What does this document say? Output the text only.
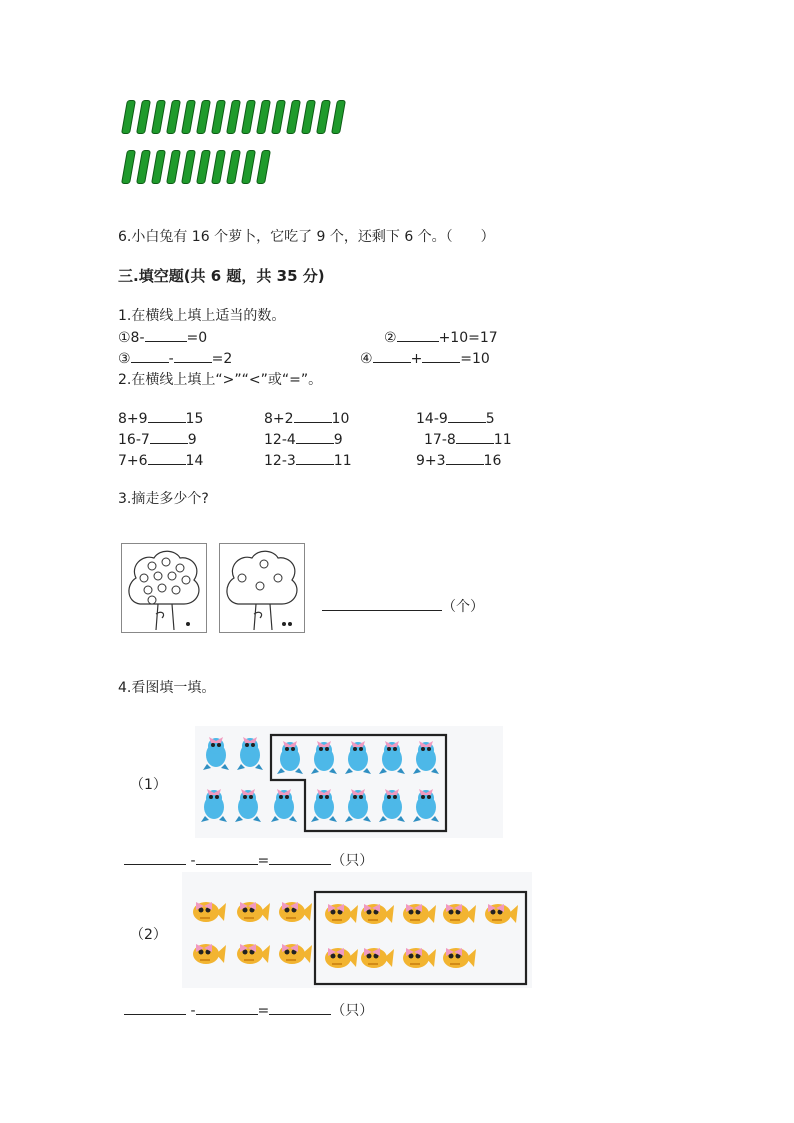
6.小白兔有 16 个萝卜，它吃了 9 个，还剩下 6 个。（　　）
三.填空题(共 6 题，共 35 分)
1.在横线上填上适当的数。
①8-	=0	②	+10=17
③	-	=2	④	+	=10
2.在横线上填上“>”“<”或“=”。
8+9	15	8+2	10	14-9	5
16-7	9	12-4	9	17-8	11
7+6	14	12-3	11	9+3	16
3.摘走多少个?
（个）
4.看图填一填。
（1）
-	=	（只）
（2）
-	=	（只）
